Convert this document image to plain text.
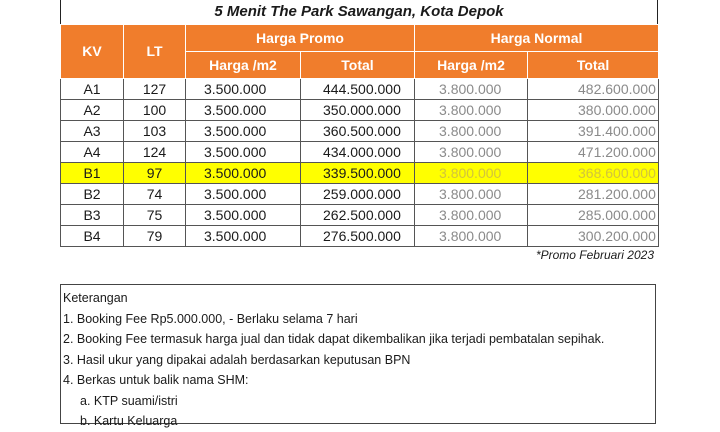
5 Menit The Park Sawangan, Kota Depok
KV	LT	Harga Promo		Harga Normal	
		Harga /m2	Total	Harga /m2	Total
A1	127	3.500.000	444.500.000	3.800.000	482.600.000
A2	100	3.500.000	350.000.000	3.800.000	380.000.000
A3	103	3.500.000	360.500.000	3.800.000	391.400.000
A4	124	3.500.000	434.000.000	3.800.000	471.200.000
B1	97	3.500.000	339.500.000	3.800.000	368.600.000
B2	74	3.500.000	259.000.000	3.800.000	281.200.000
B3	75	3.500.000	262.500.000	3.800.000	285.000.000
B4	79	3.500.000	276.500.000	3.800.000	300.200.000
*Promo Februari 2023
Keterangan
1. Booking Fee Rp5.000.000, - Berlaku selama 7 hari
2. Booking Fee termasuk harga jual dan tidak dapat dikembalikan jika terjadi pembatalan sepihak.
3. Hasil ukur yang dipakai adalah berdasarkan keputusan BPN
4. Berkas untuk balik nama SHM:
a. KTP suami/istri
b. Kartu Keluarga
